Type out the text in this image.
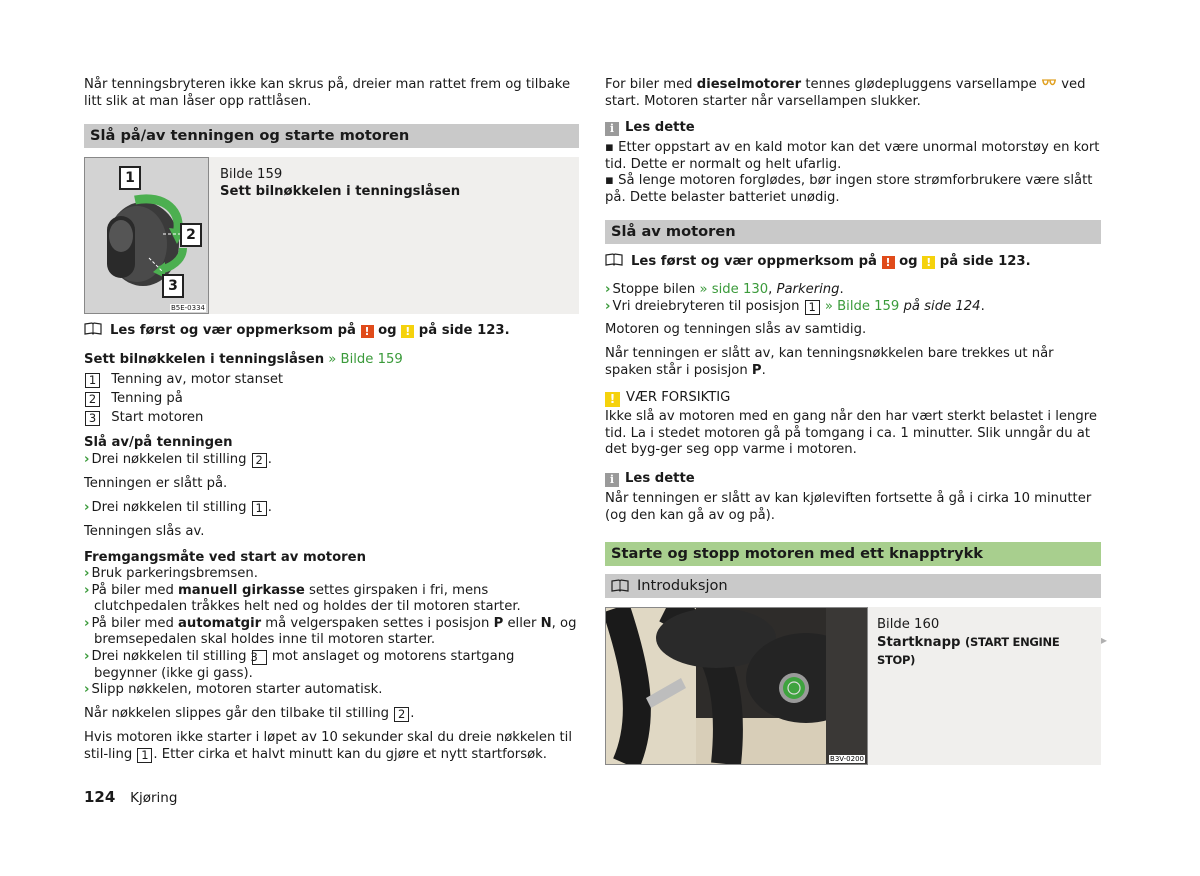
Når tenningsbryteren ikke kan skrus på, dreier man rattet frem og tilbake litt slik at man låser opp rattlåsen.

Slå på/av tenningen og starte motoren
1
2
3
B5E-0334
Bilde 159
Sett bilnøkkelen i tenningslåsen
Les først og vær oppmerksom på ! og ! på side 123.
Sett bilnøkkelen i tenningslåsen » Bilde 159
1 Tenning av, motor stanset
2 Tenning på
3 Start motoren
Slå av/på tenningen
› Drei nøkkelen til stilling 2 .
Tenningen er slått på.
› Drei nøkkelen til stilling 1 .
Tenningen slås av.
Fremgangsmåte ved start av motoren

› Bruk parkeringsbremsen.

› På biler med manuell girkasse settes girspaken i fri, mens clutchpedalen tråkkes helt ned og holdes der til motoren starter.

› På biler med automatgir må velgerspaken settes i posisjon P eller N, og bremsepedalen skal holdes inne til motoren starter.

› Drei nøkkelen til stilling 3 mot anslaget og motorens startgang begynner (ikke gi gass).

› Slipp nøkkelen, motoren starter automatisk.

Når nøkkelen slippes går den tilbake til stilling 2 .
Hvis motoren ikke starter i løpet av 10 sekunder skal du dreie nøkkelen til stil-ling 1 . Etter cirka et halvt minutt kan du gjøre et nytt startforsøk.

For biler med dieselmotorer tennes glødepluggens varsellampe ved start. Motoren starter når varsellampen slukker.

i Les dette

▪ Etter oppstart av en kald motor kan det være unormal motorstøy en kort tid. Dette er normalt og helt ufarlig.

▪ Så lenge motoren forglødes, bør ingen store strømforbrukere være slått på. Dette belaster batteriet unødig.

Slå av motoren
Les først og vær oppmerksom på ! og ! på side 123.
› Stoppe bilen » side 130, Parkering.
› Vri dreiebryteren til posisjon 1 » Bilde 159 på side 124.
Motoren og tenningen slås av samtidig.
Når tenningen er slått av, kan tenningsnøkkelen bare trekkes ut når spaken står i posisjon P.
! VÆR FORSIKTIG
Ikke slå av motoren med en gang når den har vært sterkt belastet i lengre tid. La i stedet motoren gå på tomgang i ca. 1 minutter. Slik unngår du at det byg-ger seg opp varme i motoren.
i Les dette
Når tenningen er slått av kan kjøleviften fortsette å gå i cirka 10 minutter (og den kan gå av og på).
Starte og stopp motoren med ett knapptrykk
Introduksjon
B3V-0200
Bilde 160
Startknapp (START ENGINE STOP)
▸
124 Kjøring
